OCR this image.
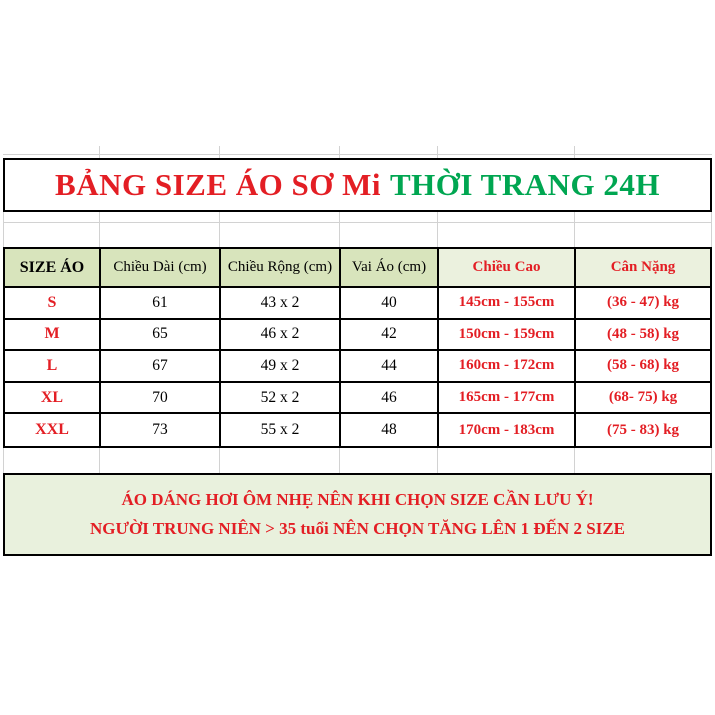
BẢNG SIZE ÁO SƠ Mi THỜI TRANG 24H
SIZE ÁO	Chiều Dài (cm)	Chiều Rộng (cm)	Vai Áo (cm)	Chiều Cao	Cân Nặng
S	61	43 x 2	40	145cm - 155cm	(36 - 47) kg
M	65	46 x 2	42	150cm - 159cm	(48 - 58) kg
L	67	49 x 2	44	160cm - 172cm	(58 - 68) kg
XL	70	52 x 2	46	165cm - 177cm	(68- 75) kg
XXL	73	55 x 2	48	170cm - 183cm	(75 - 83) kg
ÁO DÁNG HƠI ÔM NHẸ NÊN KHI CHỌN SIZE CẦN LƯU Ý!
NGƯỜI TRUNG NIÊN > 35 tuổi NÊN CHỌN TĂNG LÊN 1 ĐẾN 2 SIZE
